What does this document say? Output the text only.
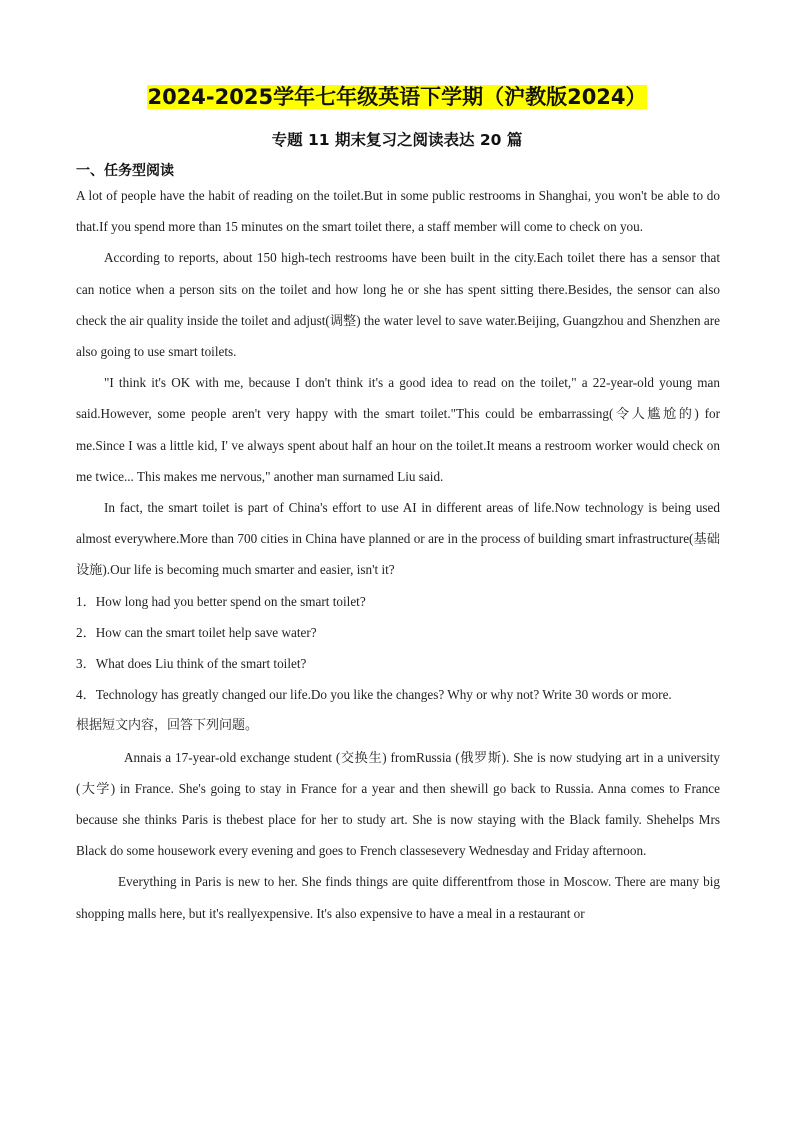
2024-2025学年七年级英语下学期（沪教版2024）
专题 11 期末复习之阅读表达 20 篇
一、任务型阅读

A lot of people have the habit of reading on the toilet.But in some public restrooms in Shanghai, you won't be able to do that.If you spend more than 15 minutes on the smart toilet there, a staff member will come to check on you.

According to reports, about 150 high-tech restrooms have been built in the city.Each toilet there has a sensor that can notice when a person sits on the toilet and how long he or she has spent sitting there.Besides, the sensor can also check the air quality inside the toilet and adjust(调整) the water level to save water.Beijing, Guangzhou and Shenzhen are also going to use smart toilets.

"I think it's OK with me, because I don't think it's a good idea to read on the toilet," a 22-year-old young man said.However, some people aren't very happy with the smart toilet."This could be embarrassing(令人尴尬的) for me.Since I was a little kid, I' ve always spent about half an hour on the toilet.It means a restroom worker would check on me twice... This makes me nervous," another man surnamed Liu said.

In fact, the smart toilet is part of China's effort to use AI in different areas of life.Now technology is being used almost everywhere.More than 700 cities in China have planned or are in the process of building smart infrastructure(基础设施).Our life is becoming much smarter and easier, isn't it?

1．How long had you better spend on the smart toilet?

2．How can the smart toilet help save water?

3．What does Liu think of the smart toilet?

4．Technology has greatly changed our life.Do you like the changes? Why or why not? Write 30 words or more.

根据短文内容，回答下列问题。

Annais a 17-year-old exchange student (交换生) fromRussia (俄罗斯). She is now studying art in a university (大学) in France. She's going to stay in France for a year and then shewill go back to Russia. Anna comes to France because she thinks Paris is thebest place for her to study art. She is now staying with the Black family. Shehelps Mrs Black do some housework every evening and goes to French classesevery Wednesday and Friday afternoon.

Everything in Paris is new to her. She finds things are quite differentfrom those in Moscow. There are many big shopping malls here, but it's reallyexpensive. It's also expensive to have a meal in a restaurant or
